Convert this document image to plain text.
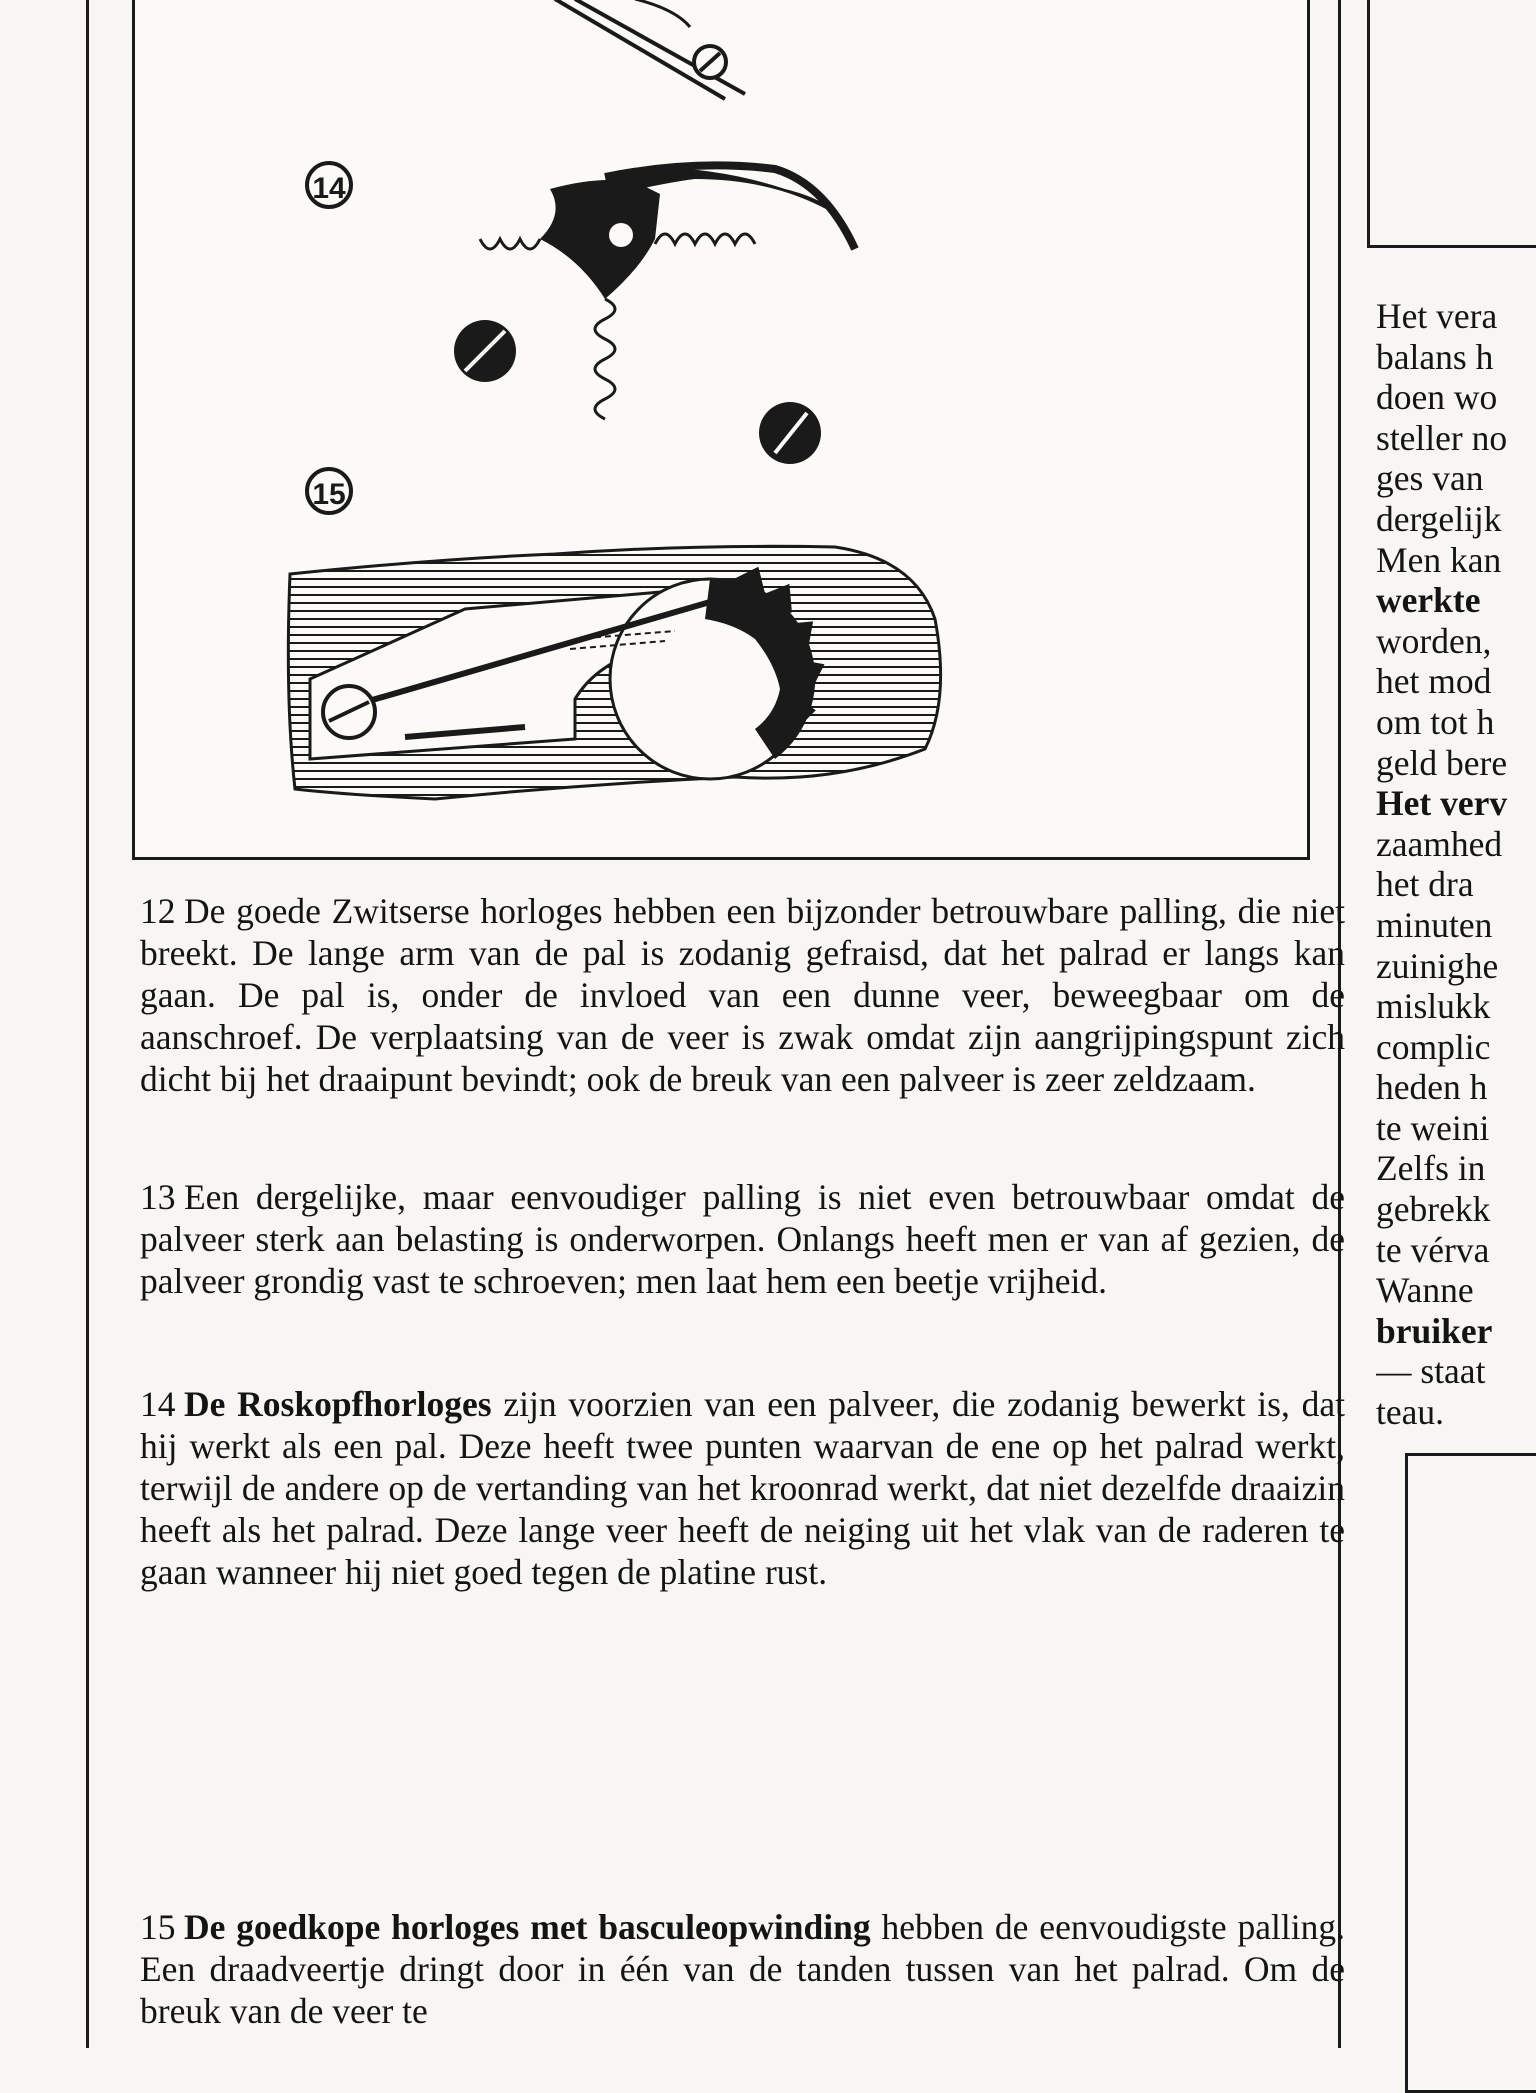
14
15

12 De goede Zwitserse horloges hebben een bijzonder betrouwbare palling, die niet breekt. De lange arm van de pal is zodanig gefraisd, dat het palrad er langs kan gaan. De pal is, onder de invloed van een dunne veer, beweegbaar om de aanschroef. De verplaatsing van de veer is zwak omdat zijn aangrijpingspunt zich dicht bij het draaipunt bevindt; ook de breuk van een palveer is zeer zeldzaam.

13 Een dergelijke, maar eenvoudiger palling is niet even betrouwbaar omdat de palveer sterk aan belasting is onderworpen. Onlangs heeft men er van af gezien, de palveer grondig vast te schroeven; men laat hem een beetje vrijheid.

14 De Roskopfhorloges zijn voorzien van een palveer, die zodanig bewerkt is, dat hij werkt als een pal. Deze heeft twee punten waarvan de ene op het palrad werkt, terwijl de andere op de vertanding van het kroonrad werkt, dat niet dezelfde draaizin heeft als het palrad. Deze lange veer heeft de neiging uit het vlak van de raderen te gaan wanneer hij niet goed tegen de platine rust.

15 De goedkope horloges met basculeopwinding hebben de eenvoudigste palling. Een draadveertje dringt door in één van de tanden tussen van het palrad. Om de breuk van de veer te

Het vera
balans h
doen wo
steller no
ges van
dergelijk
Men kan
werkte
worden,
het mod
om tot h
geld bere
Het verv
zaamhed
het dra
minuten
zuinighe
mislukk
complic
heden h
te weini
Zelfs in
gebrekk
te vérva
Wanne
bruiker
— staat
teau.
